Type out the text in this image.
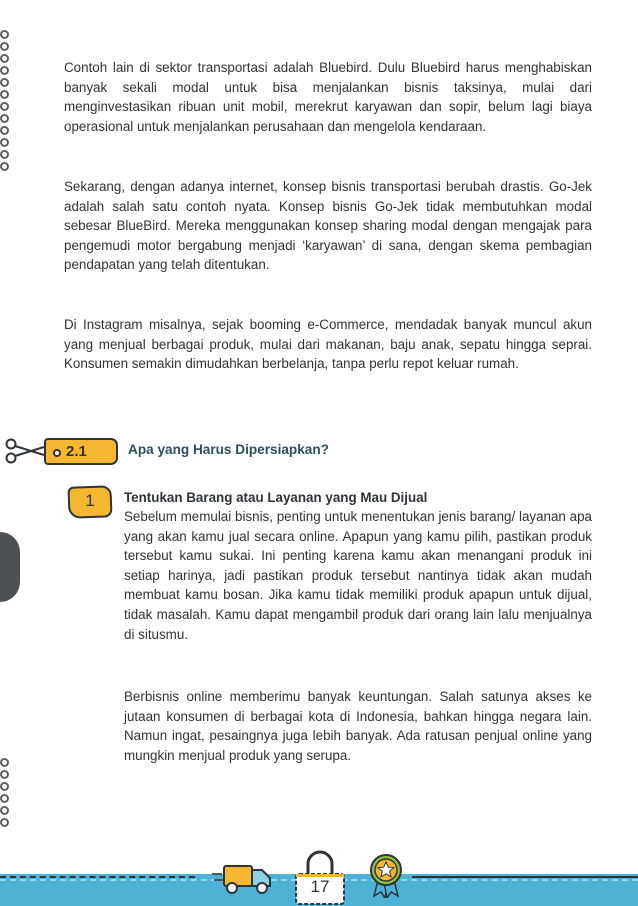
Contoh lain di sektor transportasi adalah Bluebird. Dulu Bluebird harus menghabiskan banyak sekali modal untuk bisa menjalankan bisnis taksinya, mulai dari menginvestasikan ribuan unit mobil, merekrut karyawan dan sopir, belum lagi biaya operasional untuk menjalankan perusahaan dan mengelola kendaraan.

Sekarang, dengan adanya internet, konsep bisnis transportasi berubah drastis. Go-Jek adalah salah satu contoh nyata. Konsep bisnis Go-Jek tidak membutuhkan modal sebesar BlueBird. Mereka menggunakan konsep sharing modal dengan mengajak para pengemudi motor bergabung menjadi ‘karyawan’ di sana, dengan skema pembagian pendapatan yang telah ditentukan.

Di Instagram misalnya, sejak booming e-Commerce, mendadak banyak muncul akun yang menjual berbagai produk, mulai dari makanan, baju anak, sepatu hingga seprai. Konsumen semakin dimudahkan berbelanja, tanpa perlu repot keluar rumah.

2.1	Apa yang Harus Dipersiapkan?
1	Tentukan Barang atau Layanan yang Mau Dijual

Sebelum memulai bisnis, penting untuk menentukan jenis barang/ layanan apa yang akan kamu jual secara online. Apapun yang kamu pilih, pastikan produk tersebut kamu sukai. Ini penting karena kamu akan menangani produk ini setiap harinya, jadi pastikan produk tersebut nantinya tidak akan mudah membuat kamu bosan. Jika kamu tidak memiliki produk apapun untuk dijual, tidak masalah. Kamu dapat mengambil produk dari orang lain lalu menjualnya di situsmu.

Berbisnis online memberimu banyak keuntungan. Salah satunya akses ke jutaan konsumen di berbagai kota di Indonesia, bahkan hingga negara lain. Namun ingat, pesaingnya juga lebih banyak. Ada ratusan penjual online yang mungkin menjual produk yang serupa.

17
